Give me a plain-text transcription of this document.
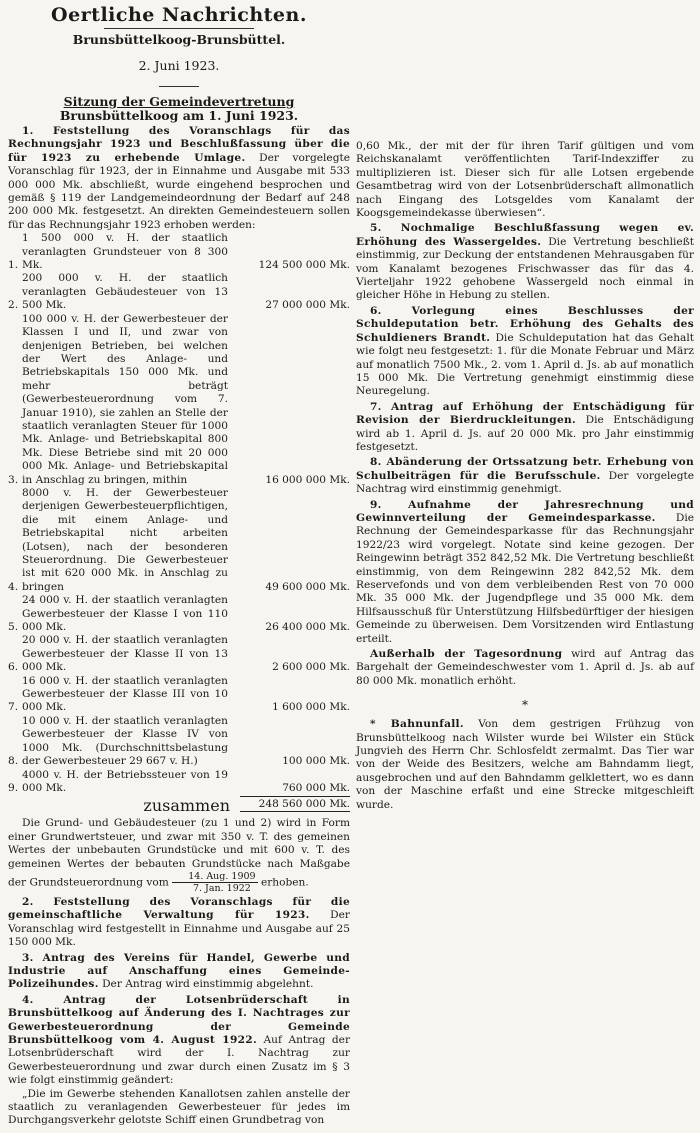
Oertliche Nachrichten.
Brunsbüttelkoog-Brunsbüttel.
2. Juni 1923.
Sitzung der Gemeindevertretung
Brunsbüttelkoog am 1. Juni 1923.

1. Feststellung des Voranschlags für das Rechnungsjahr 1923 und Beschlußfassung über die für 1923 zu erhebende Umlage. Der vorgelegte Voranschlag für 1923, der in Einnahme und Ausgabe mit 533 000 000 Mk. abschließt, wurde eingehend besprochen und gemäß § 119 der Landgemeindeordnung der Bedarf auf 248 200 000 Mk. festgesetzt. An direkten Gemeindesteuern sollen für das Rechnungsjahr 1923 erhoben werden:

1.
1 500 000 v. H. der staatlich veranlagten Grundsteuer von 8 300 Mk.	124 500 000 Mk.
2.
200 000 v. H. der staatlich veranlagten Gebäudesteuer von 13 500 Mk.	27 000 000 Mk.
3.
100 000 v. H. der Gewerbesteuer der Klassen I und II, und zwar von denjenigen Betrieben, bei welchen der Wert des Anlage- und Betriebskapitals 150 000 Mk. und mehr beträgt (Gewerbesteuerordnung vom 7. Januar 1910), sie zahlen an Stelle der staatlich veranlagten Steuer für 1000 Mk. Anlage- und Betriebskapital 800 Mk. Diese Betriebe sind mit 20 000 000 Mk. Anlage- und Betriebskapital in Anschlag zu bringen, mithin	16 000 000 Mk.
4.
8000 v. H. der Gewerbesteuer derjenigen Gewerbesteuerpflichtigen, die mit einem Anlage- und Betriebskapital nicht arbeiten (Lotsen), nach der besonderen Steuerordnung. Die Gewerbesteuer ist mit 620 000 Mk. in Anschlag zu bringen	49 600 000 Mk.
5.
24 000 v. H. der staatlich veranlagten Gewerbesteuer der Klasse I von 110 000 Mk.	26 400 000 Mk.
6.
20 000 v. H. der staatlich veranlagten Gewerbesteuer der Klasse II von 13 000 Mk.	2 600 000 Mk.
7.
16 000 v. H. der staatlich veranlagten Gewerbesteuer der Klasse III von 10 000 Mk.	1 600 000 Mk.
8.
10 000 v. H. der staatlich veranlagten Gewerbesteuer der Klasse IV von 1000 Mk. (Durchschnittsbelastung der Gewerbesteuer 29 667 v. H.)	100 000 Mk.
9.
4000 v. H. der Betriebssteuer von 19 000 Mk.	760 000 Mk.
zusammen	248 560 000 Mk.

Die Grund- und Gebäudesteuer (zu 1 und 2) wird in Form einer Grundwertsteuer, und zwar mit 350 v. T. des gemeinen Wertes der unbebauten Grundstücke und mit 600 v. T. des gemeinen Wertes der bebauten Grundstücke nach Maßgabe der Grundsteuerordnung vom $\frac{\text{14. Aug. 1909}}{\text{7. Jan. 1922}}$ erhoben.

2. Feststellung des Voranschlags für die gemeinschaftliche Verwaltung für 1923. Der Voranschlag wird festgestellt in Einnahme und Ausgabe auf 25 150 000 Mk.

3. Antrag des Vereins für Handel, Gewerbe und Industrie auf Anschaffung eines Gemeinde-Polizeihundes. Der Antrag wird einstimmig abgelehnt.

4. Antrag der Lotsenbrüderschaft in Brunsbüttelkoog auf Änderung des I. Nachtrages zur Gewerbesteuerordnung der Gemeinde Brunsbüttelkoog vom 4. August 1922. Auf Antrag der Lotsenbrüderschaft wird der I. Nachtrag zur Gewerbesteuerordnung und zwar durch einen Zusatz im § 3 wie folgt einstimmig geändert:

„Die im Gewerbe stehenden Kanallotsen zahlen anstelle der staatlich zu veranlagenden Gewerbesteuer für jedes im Durchgangsverkehr gelotste Schiff einen Grundbetrag von

0,60 Mk., der mit der für ihren Tarif gültigen und vom Reichskanalamt veröffentlichten Tarif-Indexziffer zu multiplizieren ist. Dieser sich für alle Lotsen ergebende Gesamtbetrag wird von der Lotsenbrüderschaft allmonatlich nach Eingang des Lotsgeldes vom Kanalamt der Koogsgemeindekasse überwiesen“.

5. Nochmalige Beschlußfassung wegen ev. Erhöhung des Wassergeldes. Die Vertretung beschließt einstimmig, zur Deckung der entstandenen Mehrausgaben für vom Kanalamt bezogenes Frischwasser das für das 4. Vierteljahr 1922 gehobene Wassergeld noch einmal in gleicher Höhe in Hebung zu stellen.

6. Vorlegung eines Beschlusses der Schuldeputation betr. Erhöhung des Gehalts des Schuldieners Brandt. Die Schuldeputation hat das Gehalt wie folgt neu festgesetzt: 1. für die Monate Februar und März auf monatlich 7500 Mk., 2. vom 1. April d. Js. ab auf monatlich 15 000 Mk. Die Vertretung genehmigt einstimmig diese Neuregelung.

7. Antrag auf Erhöhung der Entschädigung für Revision der Bierdruckleitungen. Die Entschädigung wird ab 1. April d. Js. auf 20 000 Mk. pro Jahr einstimmig festgesetzt.

8. Abänderung der Ortssatzung betr. Erhebung von Schulbeiträgen für die Berufsschule. Der vorgelegte Nachtrag wird einstimmig genehmigt.

9. Aufnahme der Jahresrechnung und Gewinnverteilung der Gemeindesparkasse. Die Rechnung der Gemeindesparkasse für das Rechnungsjahr 1922/23 wird vorgelegt. Notate sind keine gezogen. Der Reingewinn beträgt 352 842,52 Mk. Die Vertretung beschließt einstimmig, von dem Reingewinn 282 842,52 Mk. dem Reservefonds und von dem verbleibenden Rest von 70 000 Mk. 35 000 Mk. der Jugendpflege und 35 000 Mk. dem Hilfsausschuß für Unterstützung Hilfsbedürftiger der hiesigen Gemeinde zu überweisen. Dem Vorsitzenden wird Entlastung erteilt.

Außerhalb der Tagesordnung wird auf Antrag das Bargehalt der Gemeindeschwester vom 1. April d. Js. ab auf 80 000 Mk. monatlich erhöht.

*

* Bahnunfall. Von dem gestrigen Frühzug von Brunsbüttelkoog nach Wilster wurde bei Wilster ein Stück Jungvieh des Herrn Chr. Schlosfeldt zermalmt. Das Tier war von der Weide des Besitzers, welche am Bahndamm liegt, ausgebrochen und auf den Bahndamm gelklettert, wo es dann von der Maschine erfaßt und eine Strecke mitgeschleift wurde.
